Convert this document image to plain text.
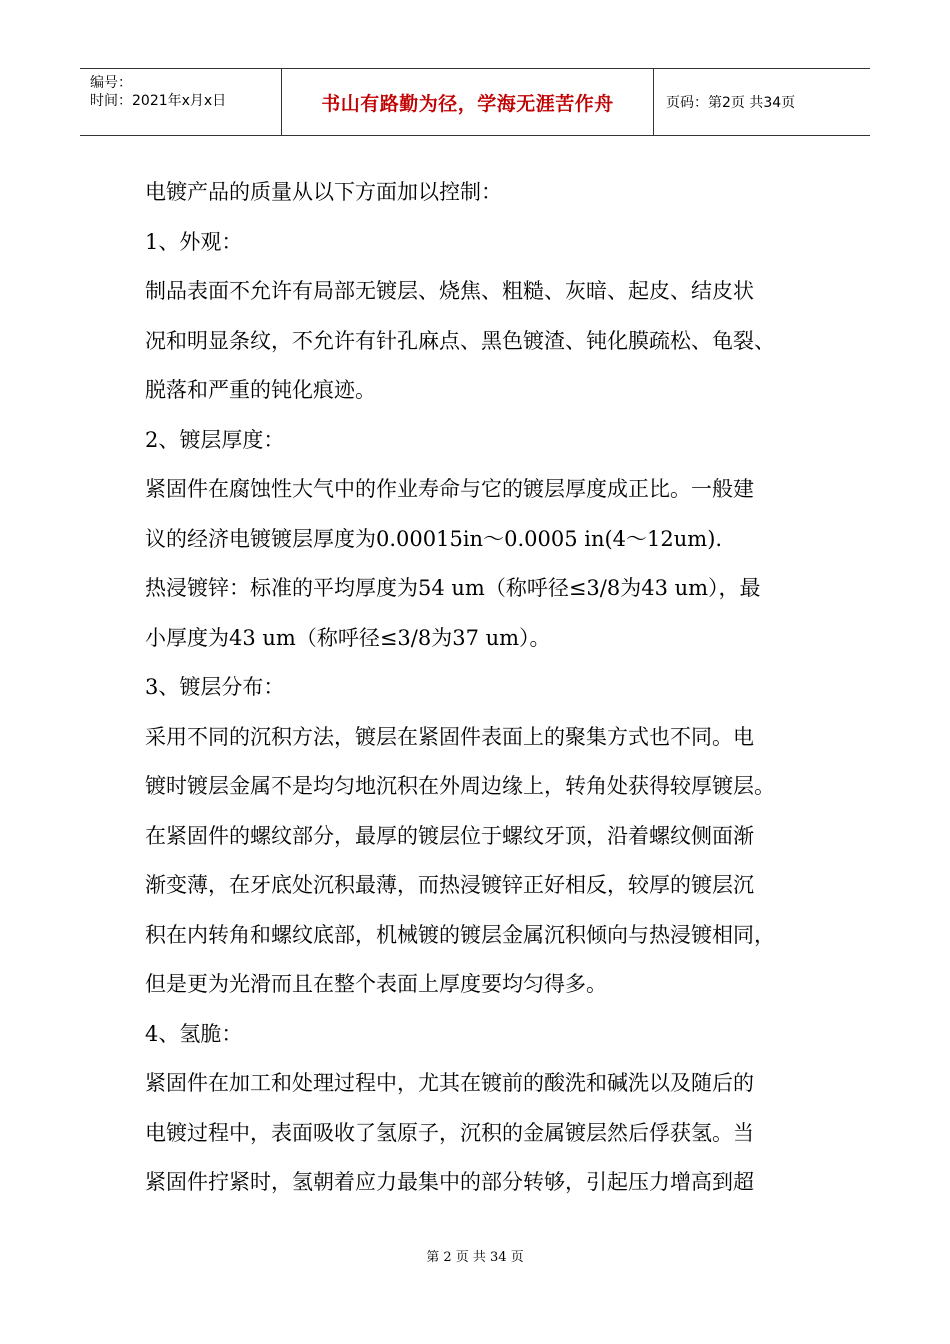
编号：
时间：2021年x月x日	书山有路勤为径，学海无涯苦作舟	页码：第2页 共34页

电镀产品的质量从以下方面加以控制：

1、外观：

制品表面不允许有局部无镀层、烧焦、粗糙、灰暗、起皮、结皮状

况和明显条纹，不允许有针孔麻点、黑色镀渣、钝化膜疏松、龟裂、

脱落和严重的钝化痕迹。

2、镀层厚度：

紧固件在腐蚀性大气中的作业寿命与它的镀层厚度成正比。一般建

议的经济电镀镀层厚度为0.00015in～0.0005 in(4～12um).

热浸镀锌：标准的平均厚度为54 um（称呼径≤3/8为43 um），最

小厚度为43 um（称呼径≤3/8为37 um）。

3、镀层分布：

采用不同的沉积方法，镀层在紧固件表面上的聚集方式也不同。电

镀时镀层金属不是均匀地沉积在外周边缘上，转角处获得较厚镀层。

在紧固件的螺纹部分，最厚的镀层位于螺纹牙顶，沿着螺纹侧面渐

渐变薄，在牙底处沉积最薄，而热浸镀锌正好相反，较厚的镀层沉

积在内转角和螺纹底部，机械镀的镀层金属沉积倾向与热浸镀相同，

但是更为光滑而且在整个表面上厚度要均匀得多。

4、氢脆：

紧固件在加工和处理过程中，尤其在镀前的酸洗和碱洗以及随后的

电镀过程中，表面吸收了氢原子，沉积的金属镀层然后俘获氢。当

紧固件拧紧时，氢朝着应力最集中的部分转够，引起压力增高到超

第 2 页 共 34 页
